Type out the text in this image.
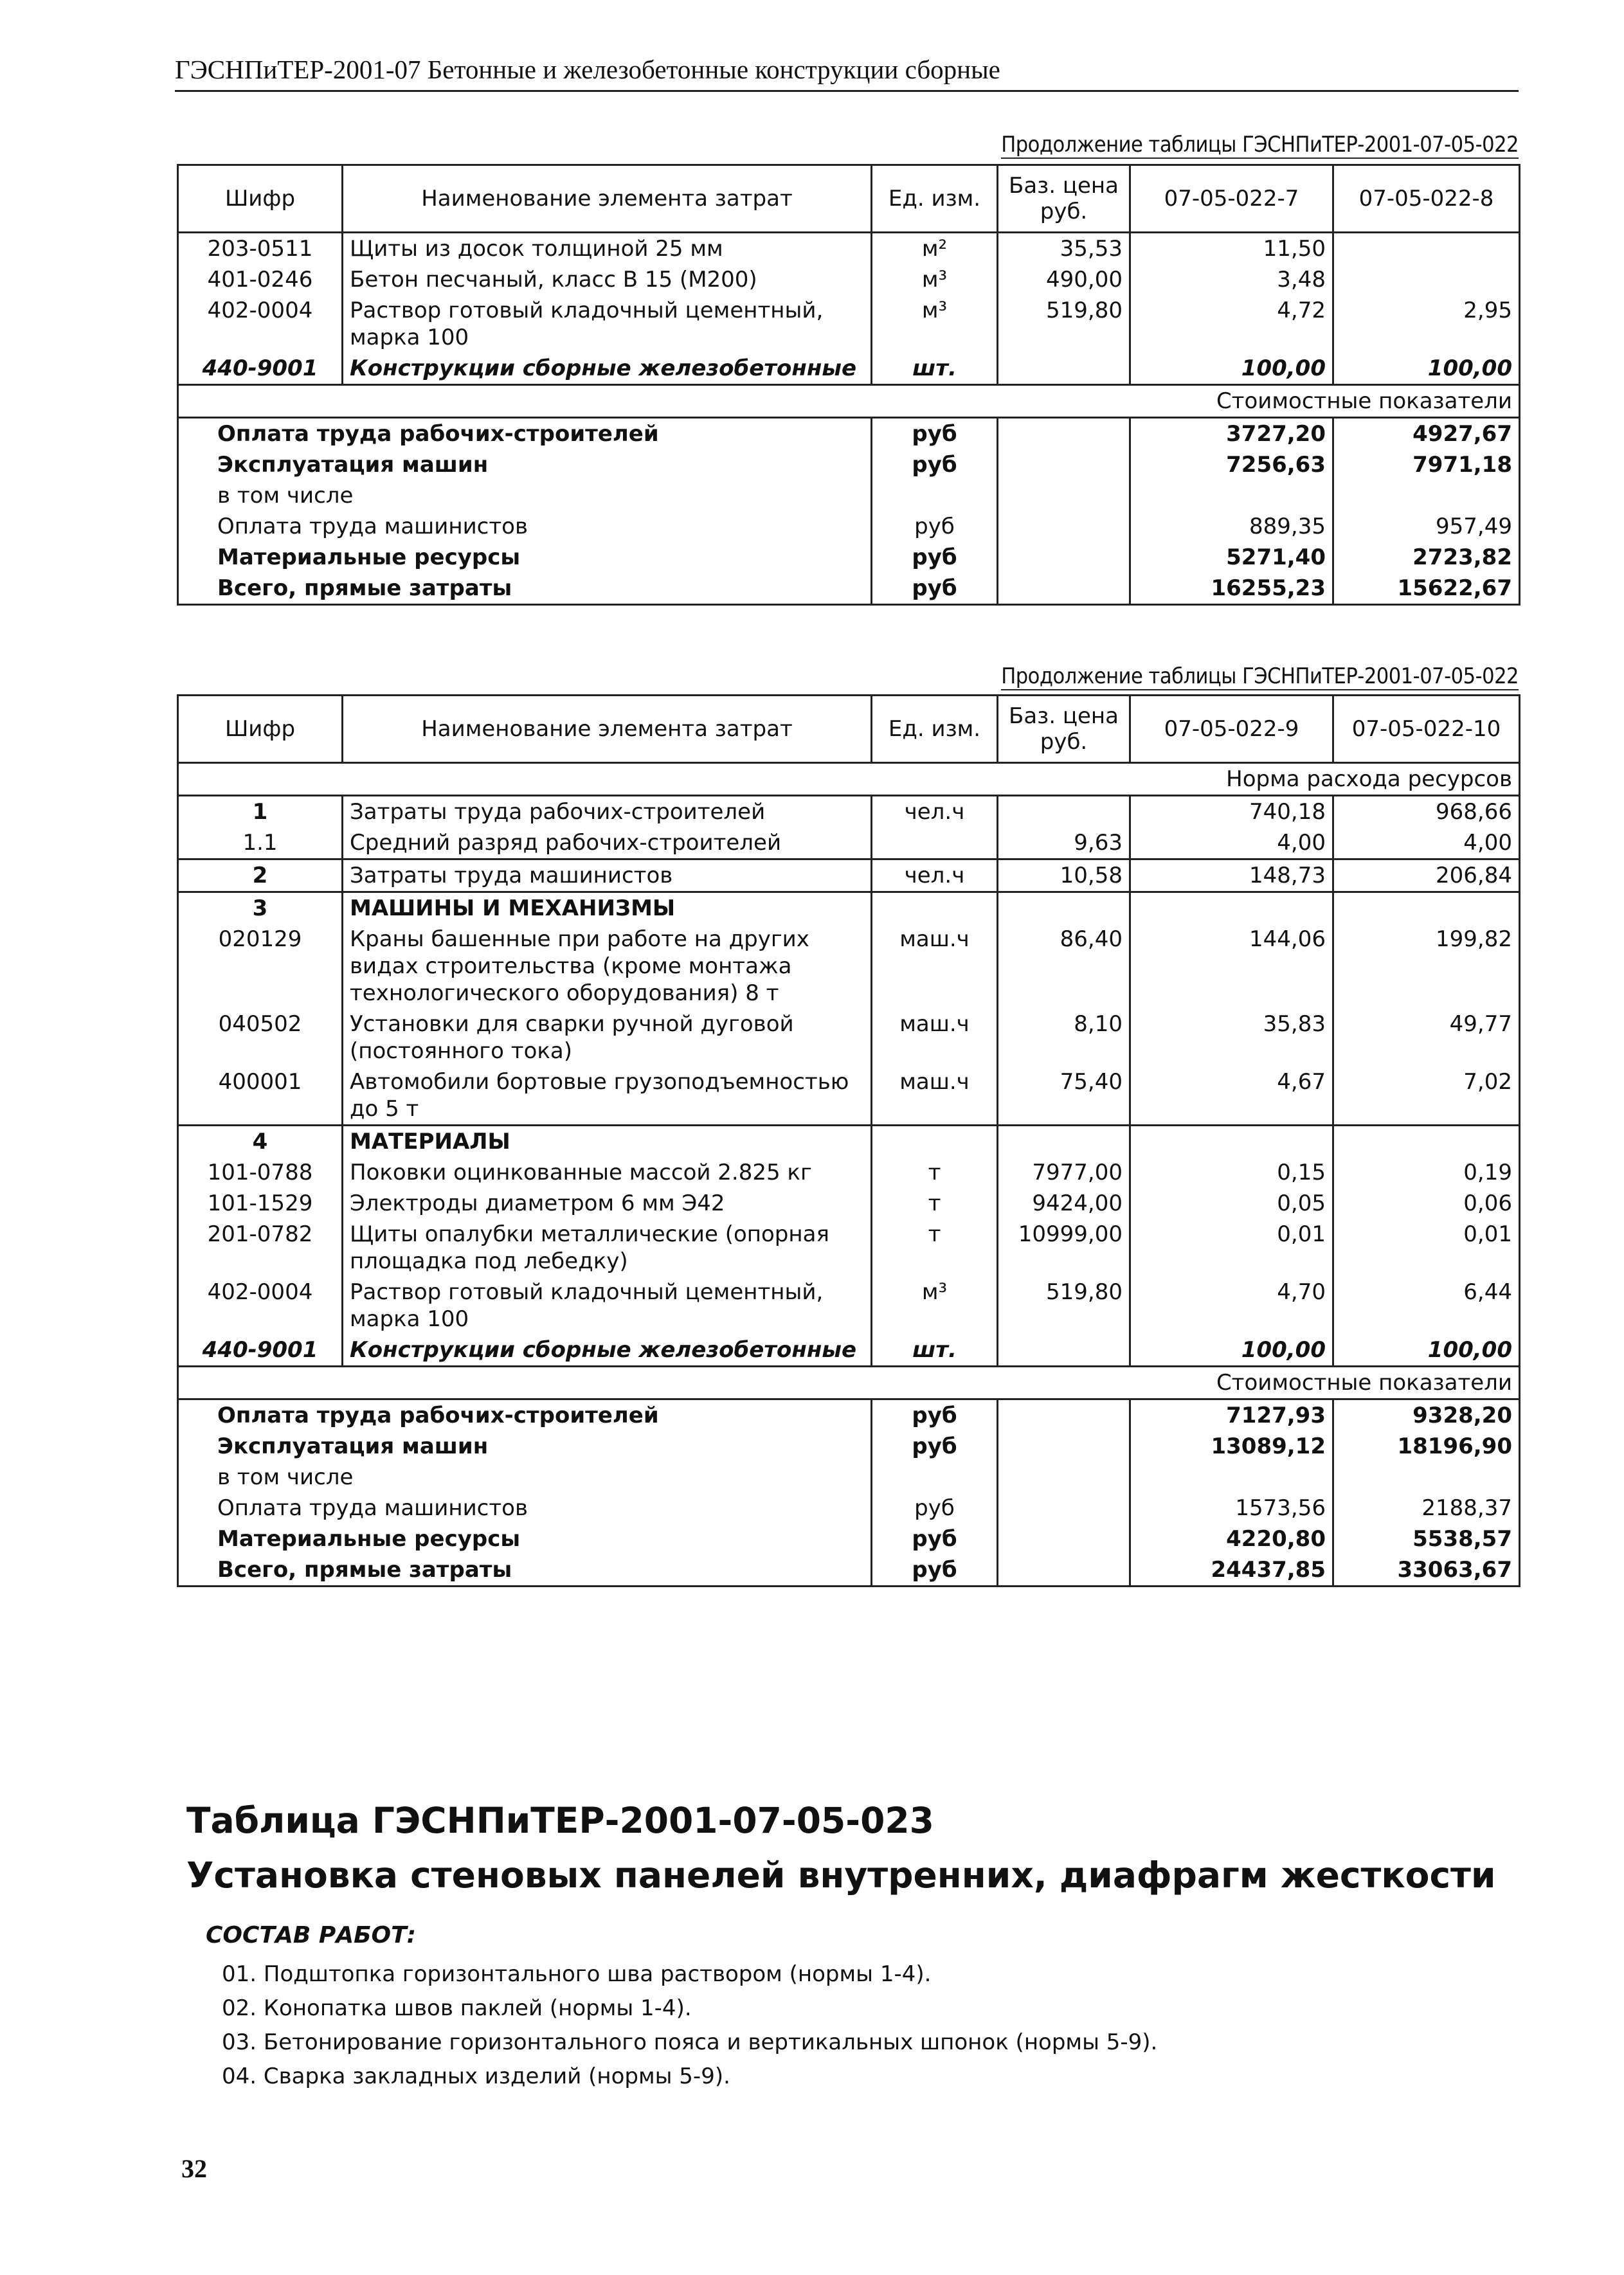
ГЭСНПиТЕР-2001-07 Бетонные и железобетонные конструкции сборные
Продолжение таблицы ГЭСНПиТЕР-2001-07-05-022
Шифр	Наименование элемента затрат	Ед. изм.	Баз. цена руб.	07-05-022-7	07-05-022-8
203-0511	Щиты из досок толщиной 25 мм	м²	35,53	11,50	
401-0246	Бетон песчаный, класс В 15 (М200)	м³	490,00	3,48	
402-0004	Раствор готовый кладочный цементный, марка 100	м³	519,80	4,72	2,95
440-9001	Конструкции сборные железобетонные	шт.		100,00	100,00
Стоимостные показатели					
Оплата труда рабочих-строителей		руб		3727,20	4927,67
Эксплуатация машин		руб		7256,63	7971,18
в том числе					
Оплата труда машинистов		руб		889,35	957,49
Материальные ресурсы		руб		5271,40	2723,82
Всего, прямые затраты		руб		16255,23	15622,67
Продолжение таблицы ГЭСНПиТЕР-2001-07-05-022
Шифр	Наименование элемента затрат	Ед. изм.	Баз. цена руб.	07-05-022-9	07-05-022-10
Норма расхода ресурсов					
1	Затраты труда рабочих-строителей	чел.ч		740,18	968,66
1.1	Средний разряд рабочих-строителей		9,63	4,00	4,00
2	Затраты труда машинистов	чел.ч	10,58	148,73	206,84
3	МАШИНЫ И МЕХАНИЗМЫ				
020129	Краны башенные при работе на других видах строительства (кроме монтажа технологического оборудования) 8 т	маш.ч	86,40	144,06	199,82
040502	Установки для сварки ручной дуговой (постоянного тока)	маш.ч	8,10	35,83	49,77
400001	Автомобили бортовые грузоподъемностью до 5 т	маш.ч	75,40	4,67	7,02
4	МАТЕРИАЛЫ				
101-0788	Поковки оцинкованные массой 2.825 кг	т	7977,00	0,15	0,19
101-1529	Электроды диаметром 6 мм Э42	т	9424,00	0,05	0,06
201-0782	Щиты опалубки металлические (опорная площадка под лебедку)	т	10999,00	0,01	0,01
402-0004	Раствор готовый кладочный цементный, марка 100	м³	519,80	4,70	6,44
440-9001	Конструкции сборные железобетонные	шт.		100,00	100,00
Стоимостные показатели					
Оплата труда рабочих-строителей		руб		7127,93	9328,20
Эксплуатация машин		руб		13089,12	18196,90
в том числе					
Оплата труда машинистов		руб		1573,56	2188,37
Материальные ресурсы		руб		4220,80	5538,57
Всего, прямые затраты		руб		24437,85	33063,67
Таблица ГЭСНПиТЕР-2001-07-05-023
Установка стеновых панелей внутренних, диафрагм жесткости
СОСТАВ РАБОТ:
01. Подштопка горизонтального шва раствором (нормы 1-4).
02. Конопатка швов паклей (нормы 1-4).
03. Бетонирование горизонтального пояса и вертикальных шпонок (нормы 5-9).
04. Сварка закладных изделий (нормы 5-9).
32
